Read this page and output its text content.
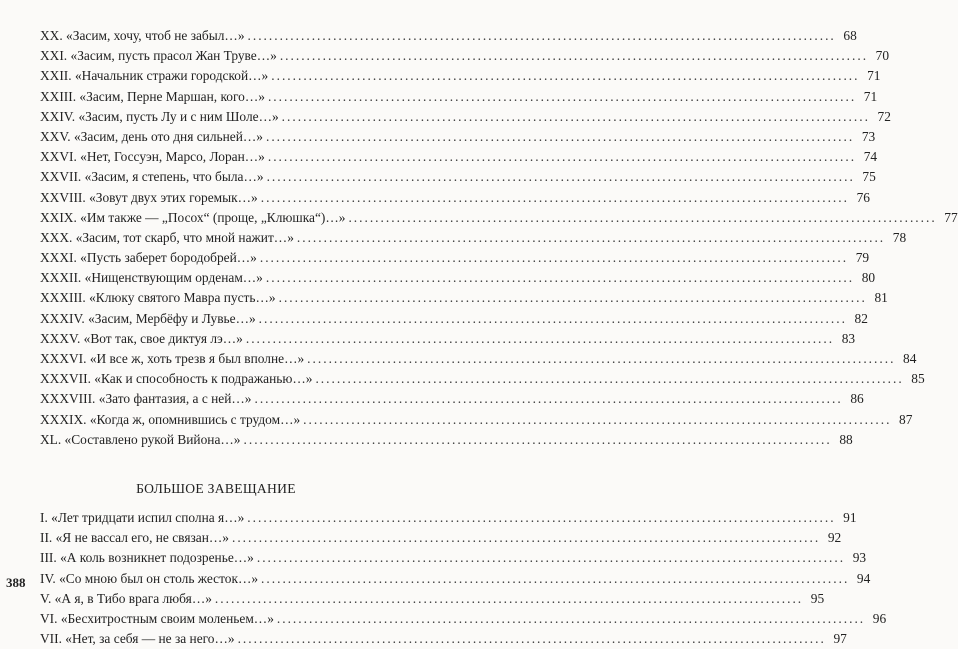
XX. «Засим, хочу, чтоб не забыл…» .....	68
XXI. «Засим, пусть прасол Жан Труве…» .....	70
XXII. «Начальник стражи городской…» .....	71
XXIII. «Засим, Перне Маршан, кого…» .....	71
XXIV. «Засим, пусть Лу и с ним Шоле…» .....	72
XXV. «Засим, день ото дня сильней…» .....	73
XXVI. «Нет, Госсуэн, Марсо, Лоран…» .....	74
XXVII. «Засим, я степень, что была…» .....	75
XXVIII. «Зовут двух этих горемык…» .....	76
XXIX. «Им также — „Посох“ (проще, „Клюшка“)…» .....	77
XXX. «Засим, тот скарб, что мной нажит…» .....	78
XXXI. «Пусть заберет бородобрей…» .....	79
XXXII. «Нищенствующим орденам…» .....	80
XXXIII. «Клюку святого Мавра пусть…» .....	81
XXXIV. «Засим, Мербёфу и Лувье…» .....	82
XXXV. «Вот так, свое диктуя лэ…» .....	83
XXXVI. «И все ж, хоть трезв я был вполне…» .....	84
XXXVII. «Как и способность к подражанью…» .....	85
XXXVIII. «Зато фантазия, а с ней…» .....	86
XXXIX. «Когда ж, опомнившись с трудом…» .....	87
XL. «Составлено рукой Вийона…» .....	88
БОЛЬШОЕ ЗАВЕЩАНИЕ
I. «Лет тридцати испил сполна я…» .....	91
II. «Я не вассал его, не связан…» .....	92
III. «А коль возникнет подозренье…» .....	93
IV. «Со мною был он столь жесток…» .....	94
V. «А я, в Тибо врага любя…» .....	95
VI. «Бесхитростным своим моленьем…» .....	96
VII. «Нет, за себя — не за него…» .....	97
388
